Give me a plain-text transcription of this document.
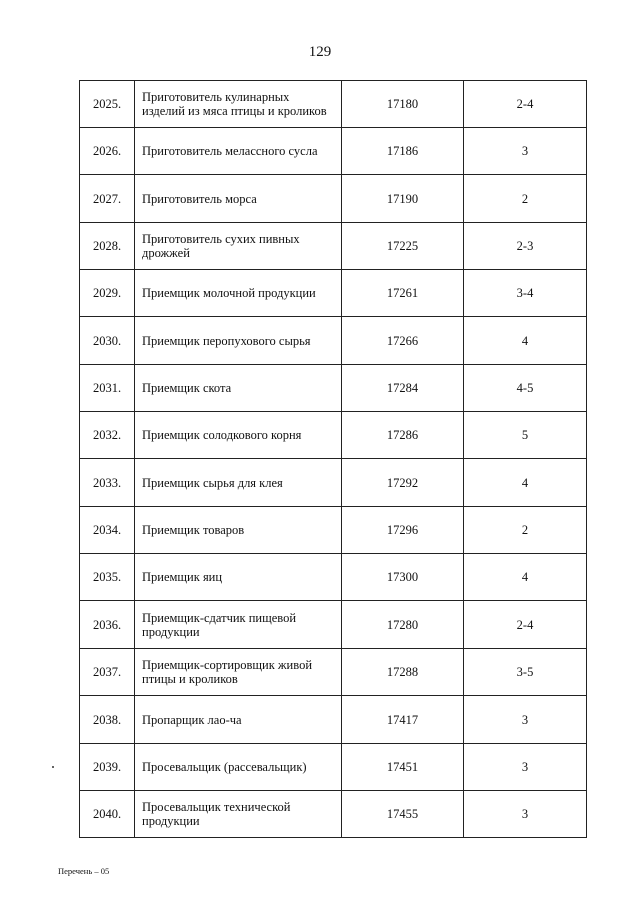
129
2025.	Приготовитель кулинарных изделий из мяса птицы и кроликов	17180	2-4
2026.	Приготовитель мелассного сусла	17186	3
2027.	Приготовитель морса	17190	2
2028.	Приготовитель сухих пивных дрожжей	17225	2-3
2029.	Приемщик молочной продукции	17261	3-4
2030.	Приемщик перопухового сырья	17266	4
2031.	Приемщик скота	17284	4-5
2032.	Приемщик солодкового корня	17286	5
2033.	Приемщик сырья для клея	17292	4
2034.	Приемщик товаров	17296	2
2035.	Приемщик яиц	17300	4
2036.	Приемщик-сдатчик пищевой продукции	17280	2-4
2037.	Приемщик-сортировщик живой птицы и кроликов	17288	3-5
2038.	Пропарщик лао-ча	17417	3
2039.	Просевальщик (рассевальщик)	17451	3
2040.	Просевальщик технической продукции	17455	3
Перечень – 05
